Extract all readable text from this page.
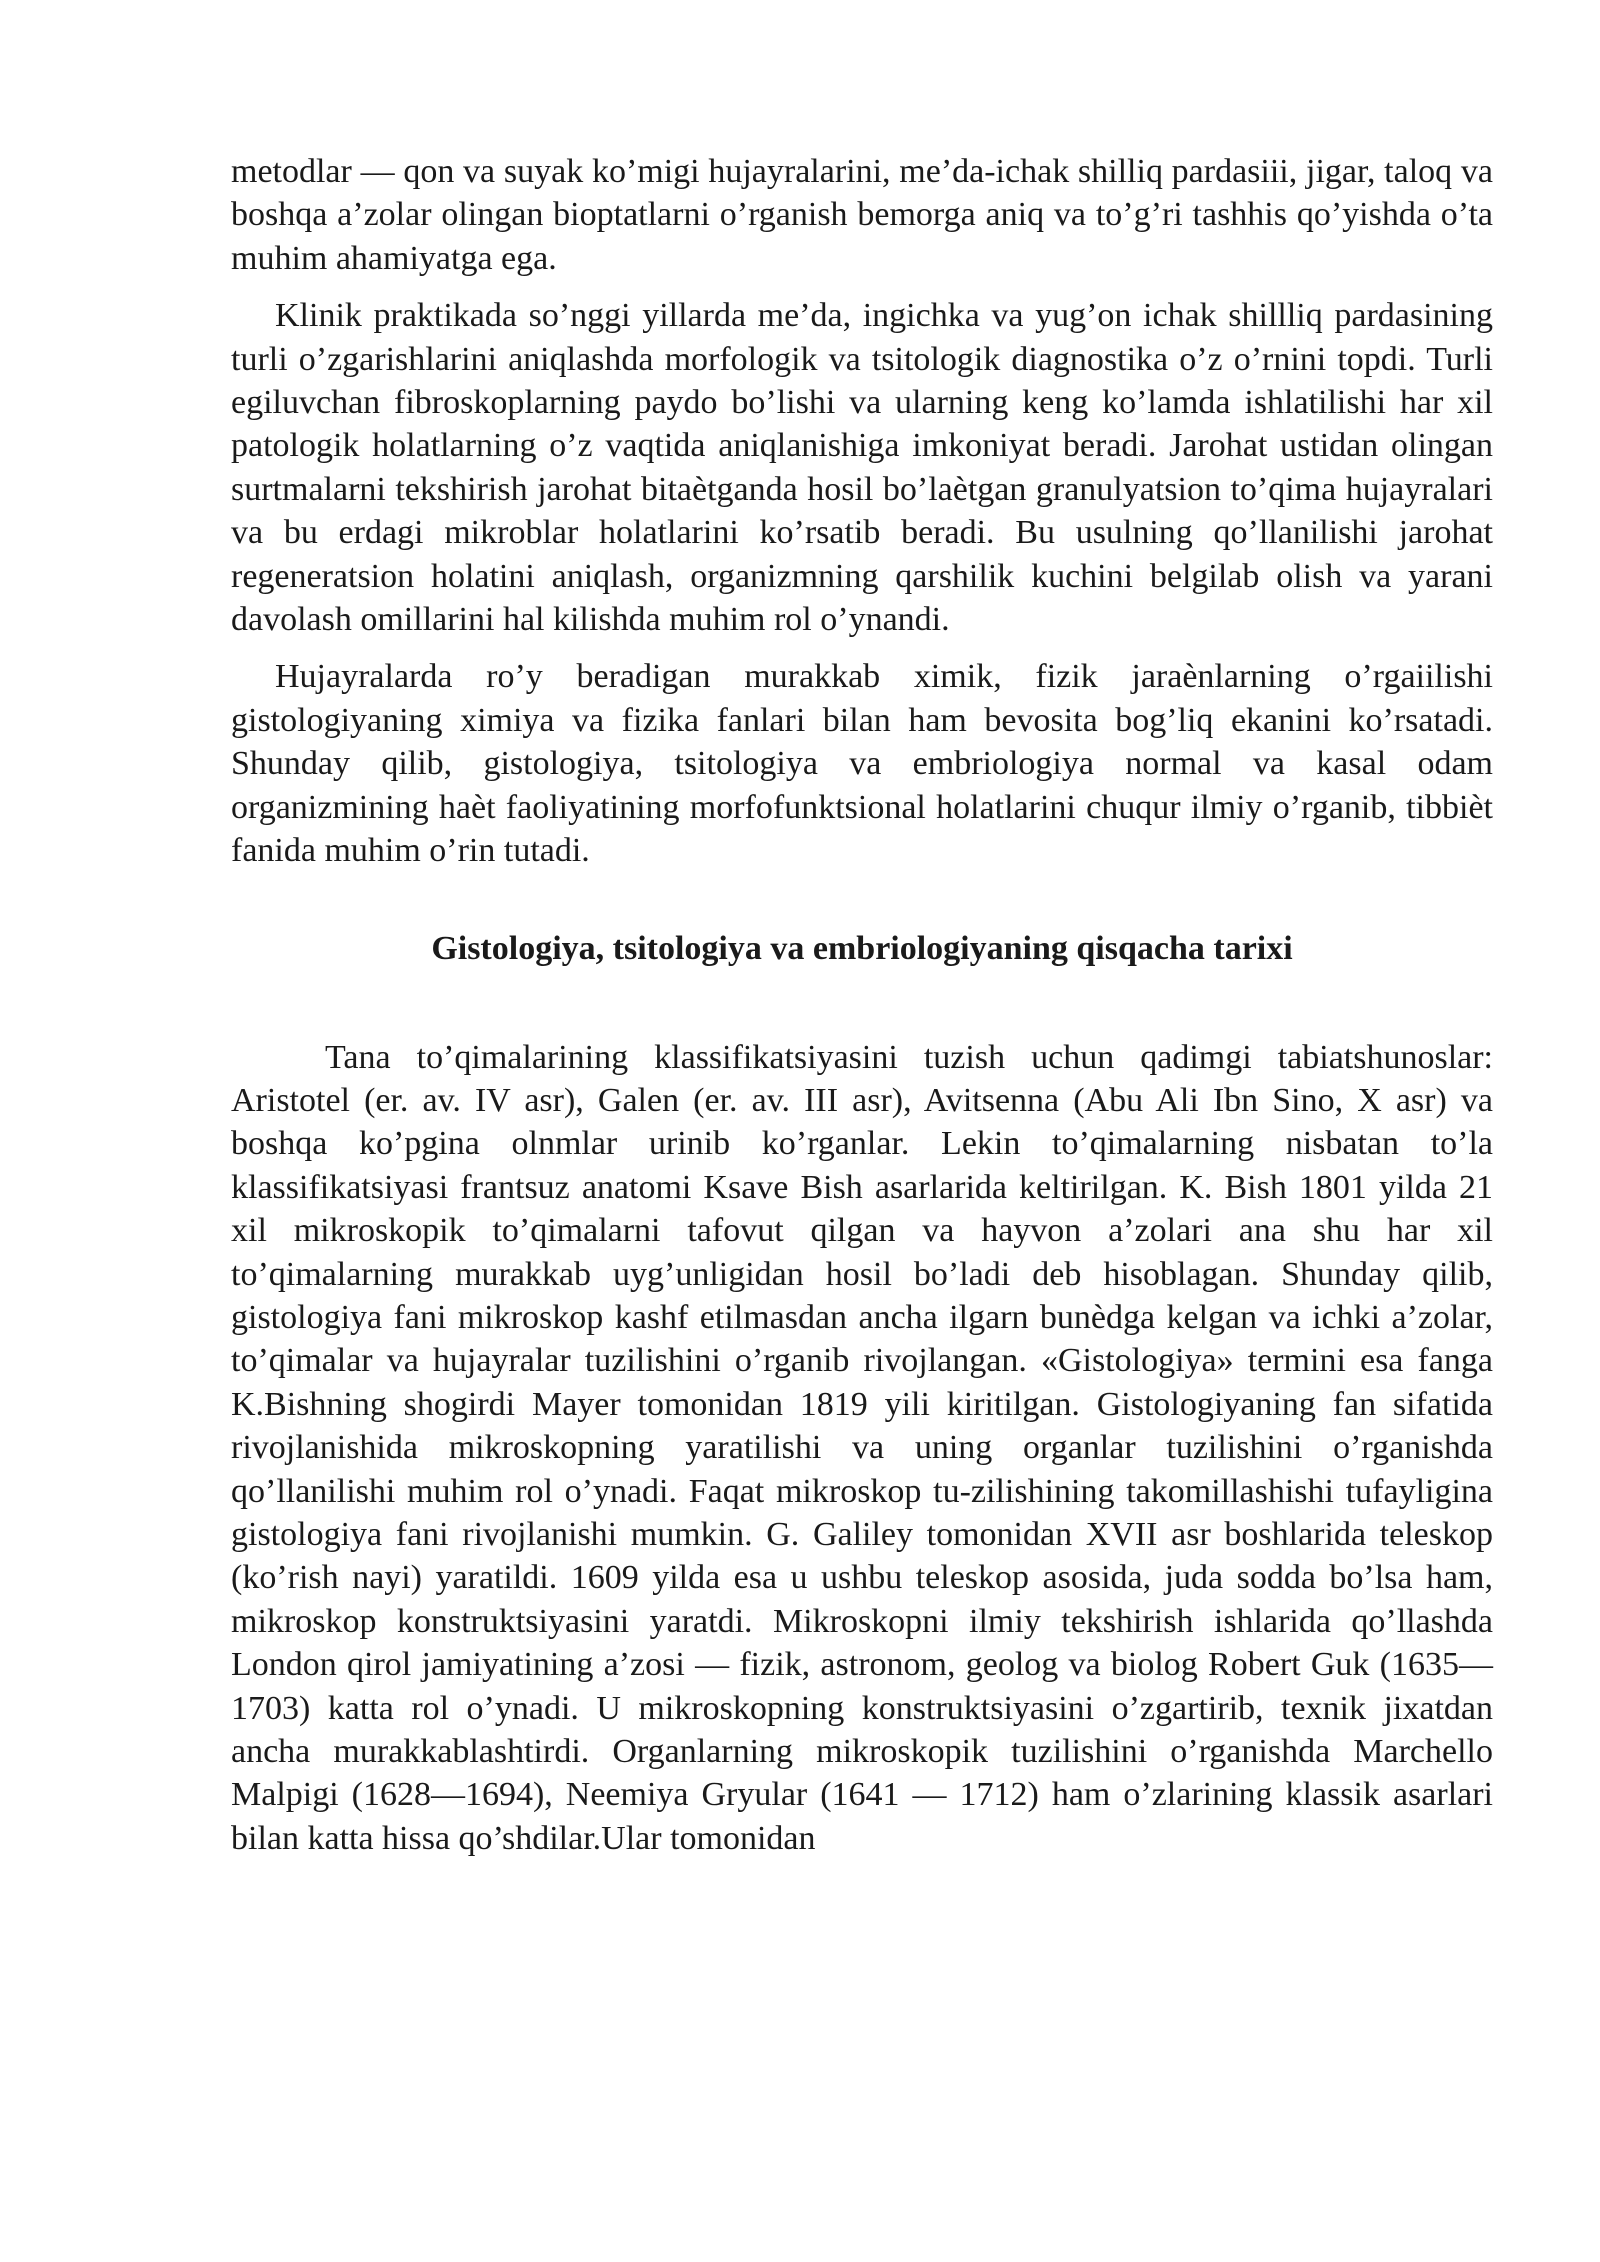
metodlar — qon va suyak ko’migi hujayralarini, me’da-ichak shilliq pardasiii, jigar, taloq va boshqa a’zolar olingan bioptatlarni o’rganish bemorga aniq va to’g’ri tashhis qo’yishda o’ta muhim ahamiyatga ega.

Klinik praktikada so’nggi yillarda me’da, ingichka va yug’on ichak shillliq pardasining turli o’zgarishlarini aniqlashda morfologik va tsitologik diagnostika o’z o’rnini topdi. Turli egiluvchan fibroskoplarning paydo bo’lishi va ularning keng ko’lamda ishlatilishi har xil patologik holatlarning o’z vaqtida aniqlanishiga imkoniyat beradi. Jarohat ustidan olingan surtmalarni tekshirish jarohat bitaètganda hosil bo’laètgan granulyatsion to’qima hujayralari va bu erdagi mikroblar holatlarini ko’rsatib beradi. Bu usulning qo’llanilishi jarohat regeneratsion holatini aniqlash, organizmning qarshilik kuchini belgilab olish va yarani davolash omillarini hal kilishda muhim rol o’ynandi.

Hujayralarda ro’y beradigan murakkab ximik, fizik jaraènlarning o’rgaiilishi gistologiyaning ximiya va fizika fanlari bilan ham bevosita bog’liq ekanini ko’rsatadi. Shunday qilib, gistologiya, tsitologiya va embriologiya normal va kasal odam organizmining haèt faoliyatining morfofunktsional holatlarini chuqur ilmiy o’rganib, tibbièt fanida muhim o’rin tutadi.

Gistologiya, tsitologiya va embriologiyaning qisqacha tarixi

Tana to’qimalarining klassifikatsiyasini tuzish uchun qadimgi tabiatshunoslar: Aristotel (er. av. IV asr), Galen (er. av. III asr), Avitsenna (Abu Ali Ibn Sino, X asr) va boshqa ko’pgina olnmlar urinib ko’rganlar. Lekin to’qimalarning nisbatan to’la klassifikatsiyasi frantsuz anatomi Ksave Bish asarlarida keltirilgan. K. Bish 1801 yilda 21 xil mikroskopik to’qimalarni tafovut qilgan va hayvon a’zolari ana shu har xil to’qimalarning murakkab uyg’unligidan hosil bo’ladi deb hisoblagan. Shunday qilib, gistologiya fani mikroskop kashf etilmasdan ancha ilgarn bunèdga kelgan va ichki a’zolar, to’qimalar va hujayralar tuzilishini o’rganib rivojlangan. «Gistologiya» termini esa fanga K.Bishning shogirdi Mayer tomonidan 1819 yili kiritilgan. Gistologiyaning fan sifatida rivojlanishida mikroskopning yaratilishi va uning organlar tuzilishini o’rganishda qo’llanilishi muhim rol o’ynadi. Faqat mikroskop tu-zilishining takomillashishi tufayligina gistologiya fani rivojlanishi mumkin. G. Galiley tomonidan XVII asr boshlarida teleskop (ko’rish nayi) yaratildi. 1609 yilda esa u ushbu teleskop asosida, juda sodda bo’lsa ham, mikroskop konstruktsiyasini yaratdi. Mikroskopni ilmiy tekshirish ishlarida qo’llashda London qirol jamiyatining a’zosi — fizik, astronom, geolog va biolog Robert Guk (1635—1703) katta rol o’ynadi. U mikroskopning konstruktsiyasini o’zgartirib, texnik jixatdan ancha murakkablashtirdi. Organlarning mikroskopik tuzilishini o’rganishda Marchello Malpigi (1628—1694), Neemiya Gryular (1641 — 1712) ham o’zlarining klassik asarlari bilan katta hissa qo’shdilar.Ular tomonidan
